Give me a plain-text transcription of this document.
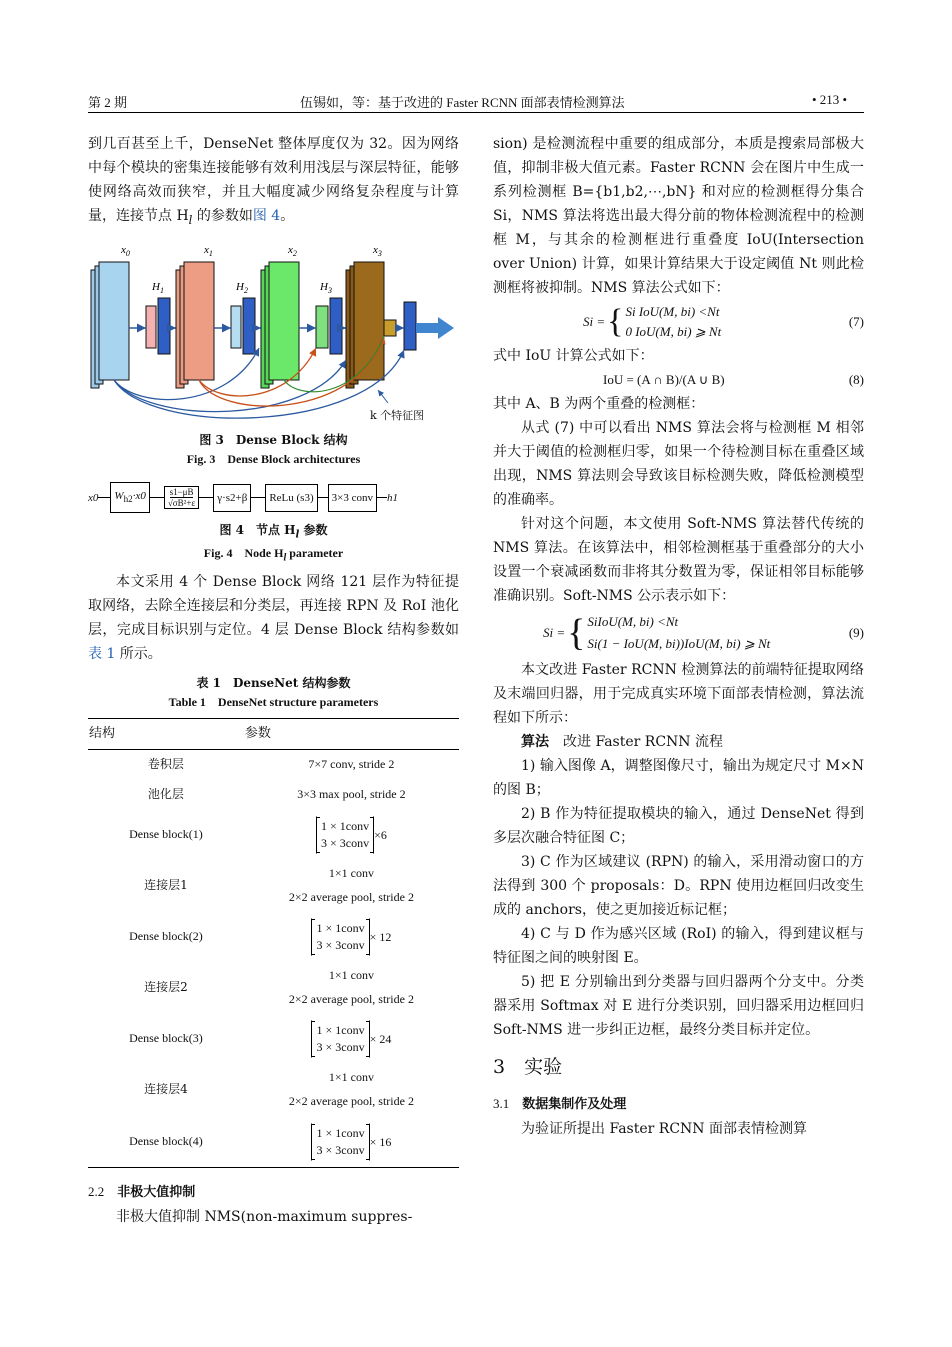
第 2 期	伍锡如，等：基于改进的 Faster RCNN 面部表情检测算法	• 213 •

到几百甚至上千，DenseNet 整体厚度仅为 32。因为网络中每个模块的密集连接能够有效利用浅层与深层特征，能够使网络高效而狭窄，并且大幅度减少网络复杂程度与计算量，连接节点 $H_l$ 的参数如图 4。

$x_0$	$x_1$	$x_2$	$x_3$
$H_1$	$H_2$	$H_3$
k 个特征图
图 3　Dense Block 结构
Fig. 3　Dense Block architectures
x0	$W_{h2}\cdot x0$	s1−μB
√σB²+ε	γ·s2+β	ReLu (s3)	3×3 conv	h1
图 4　节点 $H_l$ 参数
Fig. 4　Node $H_l$ parameter

本文采用 4 个 Dense Block 网络 121 层作为特征提取网络，去除全连接层和分类层，再连接 RPN 及 RoI 池化层，完成目标识别与定位。4 层 Dense Block 结构参数如表 1 所示。

表 1　DenseNet 结构参数
Table 1　DenseNet structure parameters
结构	参数
卷积层	7×7 conv, stride 2
池化层	3×3 max pool, stride 2
Dense block(1)	1 × 1conv
3 × 3conv
×6

连接层1	1×1 conv
2×2 average pool, stride 2
Dense block(2)	1 × 1conv
3 × 3conv
× 12

连接层2	1×1 conv
2×2 average pool, stride 2
Dense block(3)	1 × 1conv
3 × 3conv
× 24

连接层4	1×1 conv
2×2 average pool, stride 2
Dense block(4)	1 × 1conv
3 × 3conv
× 16
2.2　 非极大值抑制

非极大值抑制 NMS(non-maximum suppres-

sion) 是检测流程中重要的组成部分，本质是搜索局部极大值，抑制非极大值元素。Faster RCNN 会在图片中生成一系列检测框 B={b1,b2,⋯,bN} 和对应的检测框得分集合 Si，NMS 算法将选出最大得分前的物体检测流程中的检测框 M，与其余的检测框进行重叠度 IoU(Intersection over Union) 计算，如果计算结果大于设定阈值 Nt 则此检测框将被抑制。NMS 算法公式如下：

Si = { Si IoU(M, bi) <Nt
0 IoU(M, bi) ⩾ Nt
(7)

式中 IoU 计算公式如下：

IoU = (A ∩ B)/(A ∪ B)	(8)

其中 A、B 为两个重叠的检测框：

从式 (7) 中可以看出 NMS 算法会将与检测框 M 相邻并大于阈值的检测框归零，如果一个待检测目标在重叠区域出现，NMS 算法则会导致该目标检测失败，降低检测模型的准确率。

针对这个问题，本文使用 Soft-NMS 算法替代传统的 NMS 算法。在该算法中，相邻检测框基于重叠部分的大小设置一个衰减函数而非将其分数置为零，保证相邻目标能够准确识别。Soft-NMS 公示表示如下：

Si = { SiIoU(M, bi) <Nt
Si(1 − IoU(M, bi))IoU(M, bi) ⩾ Nt
(9)

本文改进 Faster RCNN 检测算法的前端特征提取网络及末端回归器，用于完成真实环境下面部表情检测，算法流程如下所示：

算法　改进 Faster RCNN 流程

1) 输入图像 A，调整图像尺寸，输出为规定尺寸 M×N 的图 B；

2) B 作为特征提取模块的输入，通过 DenseNet 得到多层次融合特征图 C；

3) C 作为区域建议 (RPN) 的输入，采用滑动窗口的方法得到 300 个 proposals：D。RPN 使用边框回归改变生成的 anchors，使之更加接近标记框；

4) C 与 D 作为感兴区域 (RoI) 的输入，得到建议框与特征图之间的映射图 E。

5) 把 E 分别输出到分类器与回归器两个分支中。分类器采用 Softmax 对 E 进行分类识别，回归器采用边框回归 Soft-NMS 进一步纠正边框，最终分类目标并定位。

3　 实验
3.1　 数据集制作及处理

为验证所提出 Faster RCNN 面部表情检测算
